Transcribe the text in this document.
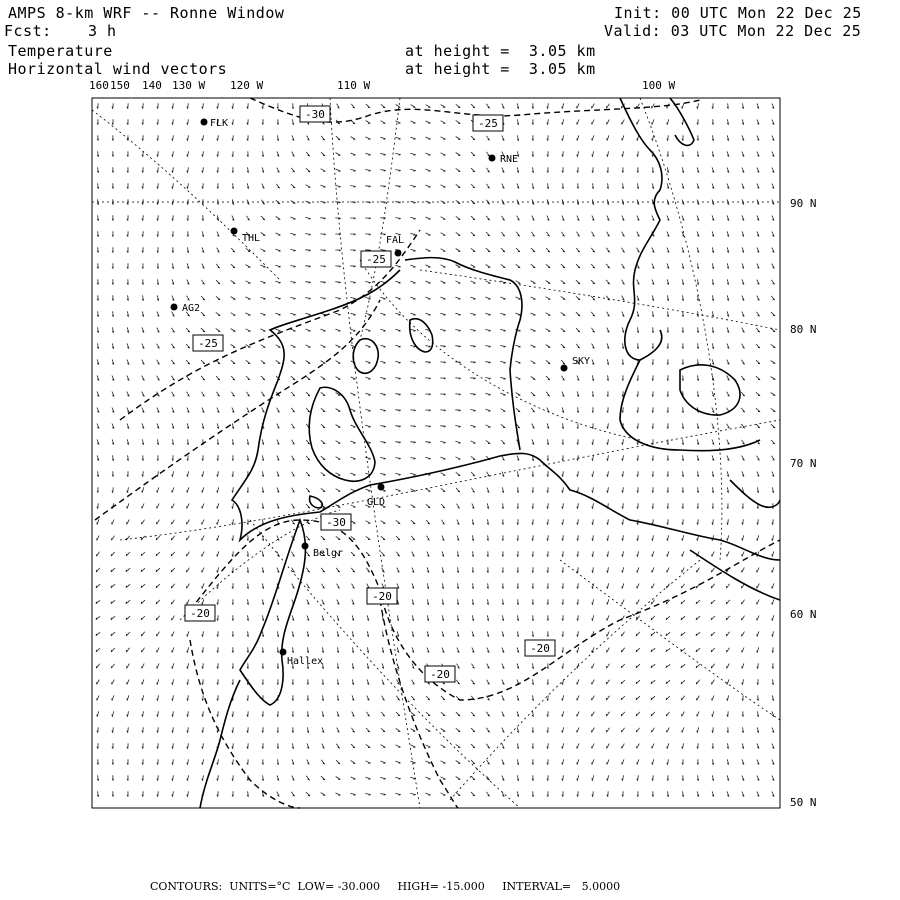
AMPS 8-km WRF -- Ronne Window
Fcst: 3 h
Init: 00 UTC Mon 22 Dec 25
Valid: 03 UTC Mon 22 Dec 25
Temperature
Horizontal wind vectors
at height =  3.05 km
at height =  3.05 km
160 150 140 130 W 120 W	110 W	100 W
90 N
80 N
70 N
60 N
50 N
FLK
RNE
THL	FAL
AG2
SKY
GLD
Belgr
Hallex
-30
-25
-25
-25
-30
-20
-20
-20
-20
CONTOURS:  UNITS=°C  LOW= -30.000     HIGH= -15.000     INTERVAL=   5.0000
